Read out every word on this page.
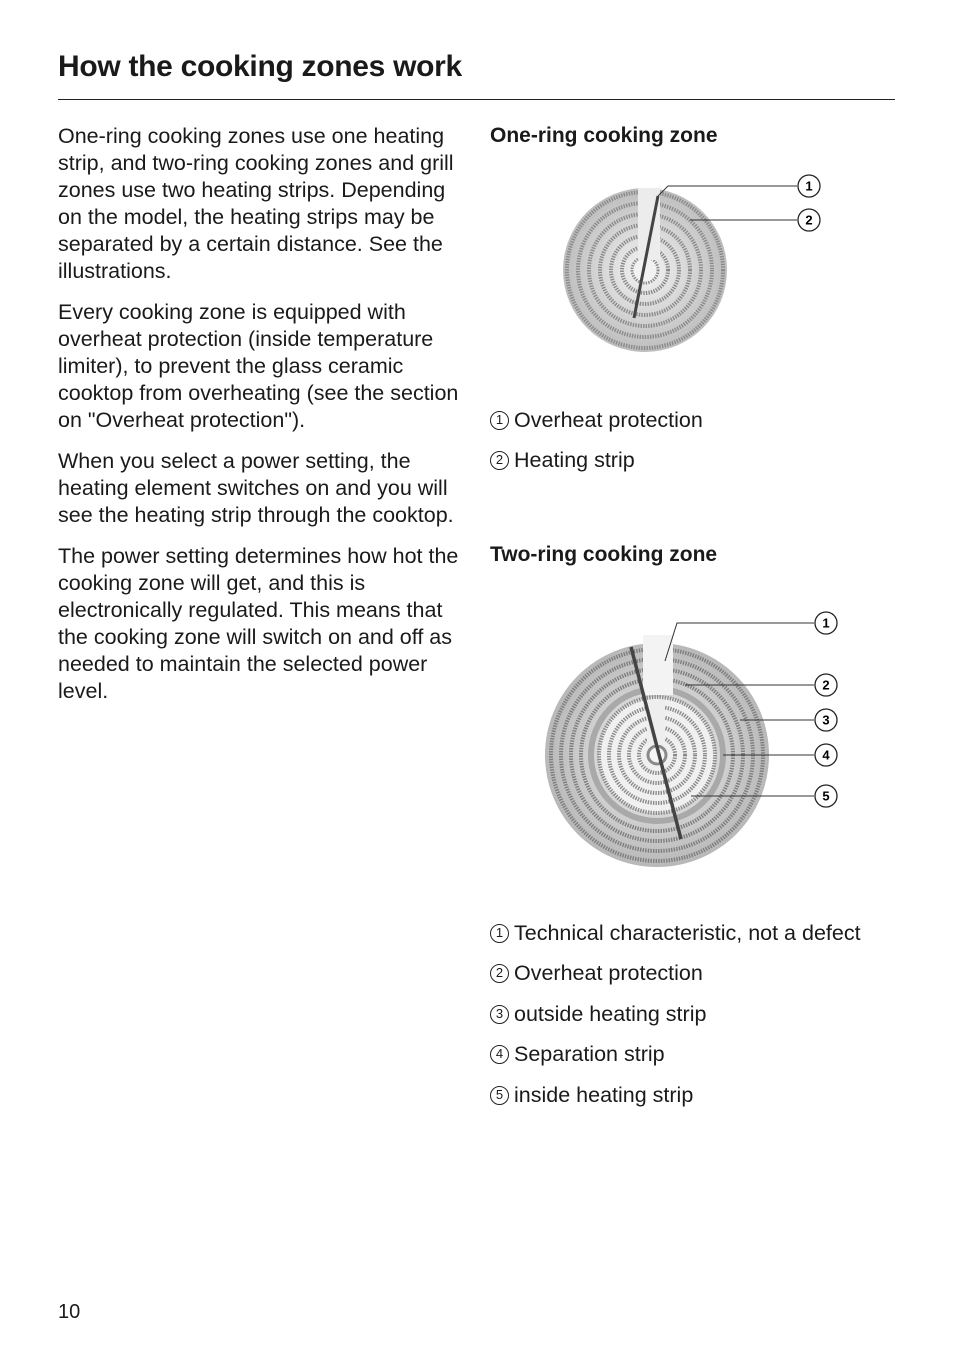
How the cooking zones work

One-ring cooking zones use one heating strip, and two-ring cooking zones and grill zones use two heating strips. Depending on the model, the heating strips may be separated by a certain distance. See the illustrations.

Every cooking zone is equipped with overheat protection (inside temperature limiter), to prevent the glass ceramic cooktop from overheating (see the section on "Overheat protection").

When you select a power setting, the heating element switches on and you will see the heating strip through the cooktop.

The power setting determines how hot the cooking zone will get, and this is electronically regulated. This means that the cooking zone will switch on and off as needed to maintain the selected power level.

One-ring cooking zone
1
2
1 Overheat protection
2 Heating strip
Two-ring cooking zone
1
2
3
4
5
1 Technical characteristic, not a defect
2 Overheat protection
3 outside heating strip
4 Separation strip
5 inside heating strip
10
